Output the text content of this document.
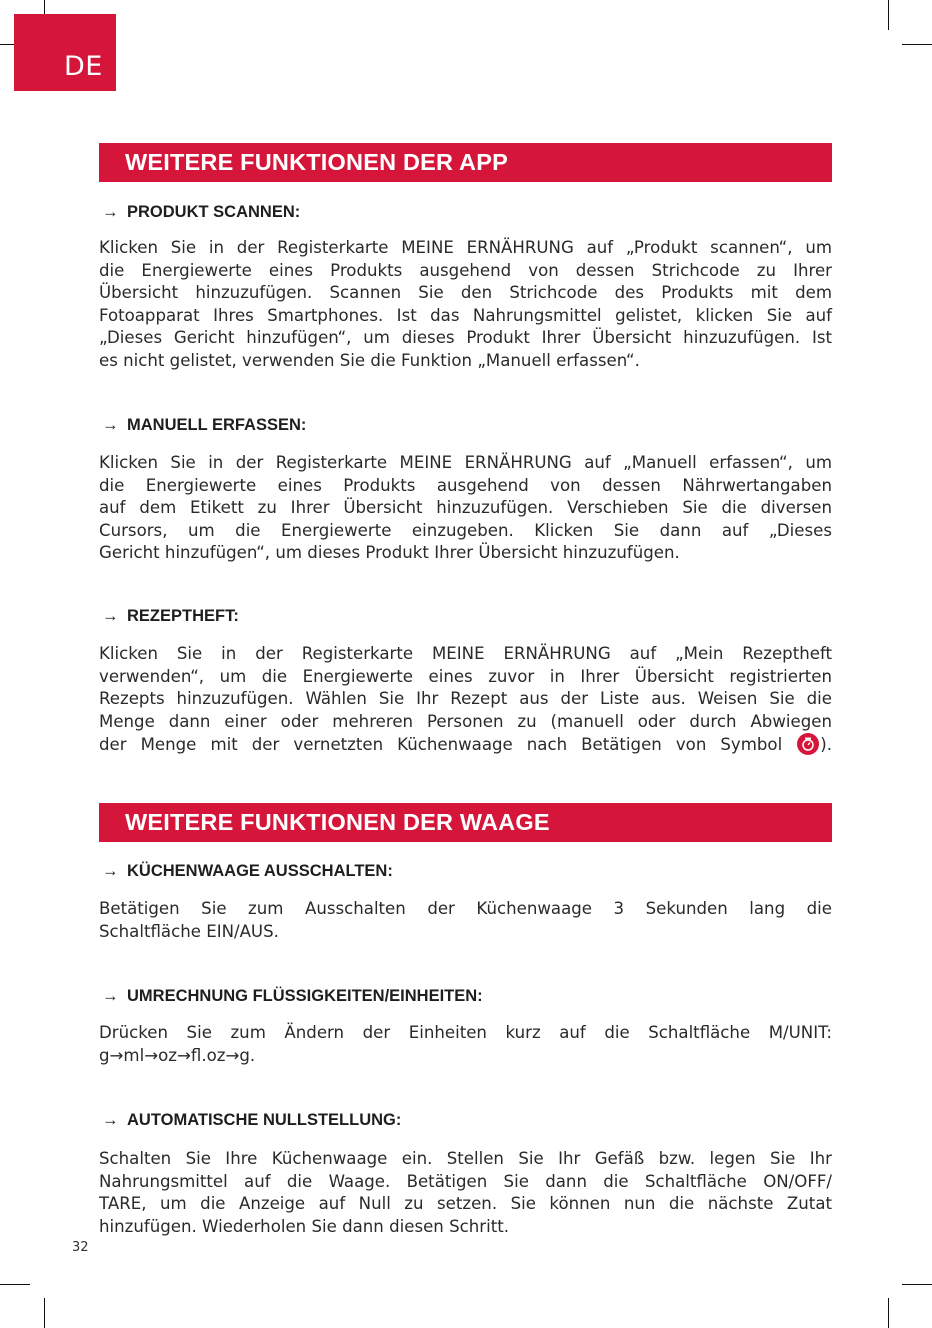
DE
WEITERE FUNKTIONEN DER APP
→ PRODUKT SCANNEN:
Klicken Sie in der Registerkarte MEINE ERNÄHRUNG auf „Produkt scannen“, um
die Energiewerte eines Produkts ausgehend von dessen Strichcode zu Ihrer
Übersicht hinzuzufügen. Scannen Sie den Strichcode des Produkts mit dem
Fotoapparat Ihres Smartphones. Ist das Nahrungsmittel gelistet, klicken Sie auf
„Dieses Gericht hinzufügen“, um dieses Produkt Ihrer Übersicht hinzuzufügen. Ist
es nicht gelistet, verwenden Sie die Funktion „Manuell erfassen“.
→ MANUELL ERFASSEN:
Klicken Sie in der Registerkarte MEINE ERNÄHRUNG auf „Manuell erfassen“, um
die Energiewerte eines Produkts ausgehend von dessen Nährwertangaben
auf dem Etikett zu Ihrer Übersicht hinzuzufügen. Verschieben Sie die diversen
Cursors, um die Energiewerte einzugeben. Klicken Sie dann auf „Dieses
Gericht hinzufügen“, um dieses Produkt Ihrer Übersicht hinzuzufügen.
→ REZEPTHEFT:
Klicken Sie in der Registerkarte MEINE ERNÄHRUNG auf „Mein Rezeptheft
verwenden“, um die Energiewerte eines zuvor in Ihrer Übersicht registrierten
Rezepts hinzuzufügen. Wählen Sie Ihr Rezept aus der Liste aus. Weisen Sie die
Menge dann einer oder mehreren Personen zu (manuell oder durch Abwiegen
der Menge mit der vernetzten Küchenwaage nach Betätigen von Symbol ).
WEITERE FUNKTIONEN DER WAAGE
→ KÜCHENWAAGE AUSSCHALTEN:
Betätigen Sie zum Ausschalten der Küchenwaage 3 Sekunden lang die
Schaltfläche EIN/AUS.
→ UMRECHNUNG FLÜSSIGKEITEN/EINHEITEN:
Drücken Sie zum Ändern der Einheiten kurz auf die Schaltfläche M/UNIT:
g→ml→oz→fl.oz→g.
→ AUTOMATISCHE NULLSTELLUNG:
Schalten Sie Ihre Küchenwaage ein. Stellen Sie Ihr Gefäß bzw. legen Sie Ihr
Nahrungsmittel auf die Waage. Betätigen Sie dann die Schaltfläche ON/OFF/
TARE, um die Anzeige auf Null zu setzen. Sie können nun die nächste Zutat
hinzufügen. Wiederholen Sie dann diesen Schritt.
32
